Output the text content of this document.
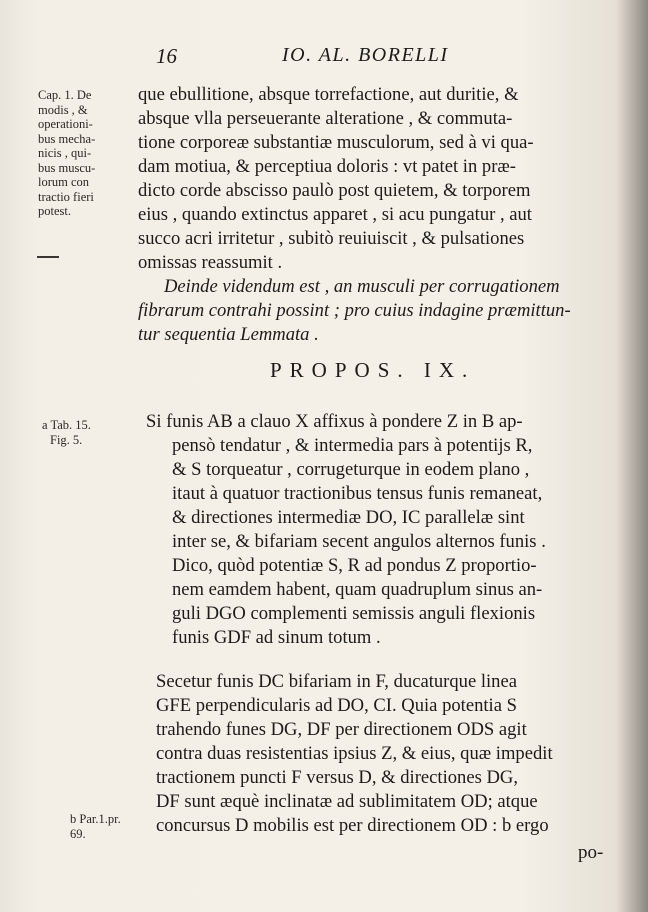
16	IO. AL. BORELLI
Cap. 1. De
modis , &
operationi-
bus mecha-
nicis , qui-
bus muscu-
lorum con
tractio fieri
potest.
que ebullitione, absque torrefactione, aut duritie, &
absque vlla perseuerante alteratione , & commuta-
tione corporeæ substantiæ musculorum, sed à vi qua-
dam motiua, & perceptiua doloris : vt patet in præ-
dicto corde abscisso paulò post quietem, & torporem
eius , quando extinctus apparet , si acu pungatur , aut
succo acri irritetur , subitò reuiuiscit , & pulsationes
omissas reassumit .
Deinde videndum est , an musculi per corrugationem
fibrarum contrahi possint ; pro cuius indagine præmittun-
tur sequentia Lemmata .
PROPOS. IX.
a Tab. 15.
Fig. 5.
Si funis AB a clauo X affixus à pondere Z in B ap-
pensò tendatur , & intermedia pars à potentijs R,
& S torqueatur , corrugeturque in eodem plano ,
itaut à quatuor tractionibus tensus funis remaneat,
& directiones intermediæ DO, IC parallelæ sint
inter se, & bifariam secent angulos alternos funis .
Dico, quòd potentiæ S, R ad pondus Z proportio-
nem eamdem habent, quam quadruplum sinus an-
guli DGO complementi semissis anguli flexionis
funis GDF ad sinum totum .
Secetur funis DC bifariam in F, ducaturque linea
GFE perpendicularis ad DO, CI. Quia potentia S
trahendo funes DG, DF per directionem ODS agit
contra duas resistentias ipsius Z, & eius, quæ impedit
tractionem puncti F versus D, & directiones DG,
DF sunt æquè inclinatæ ad sublimitatem OD; atque
concursus D mobilis est per directionem OD : b ergo
b Par.1.pr.
69.
po-
